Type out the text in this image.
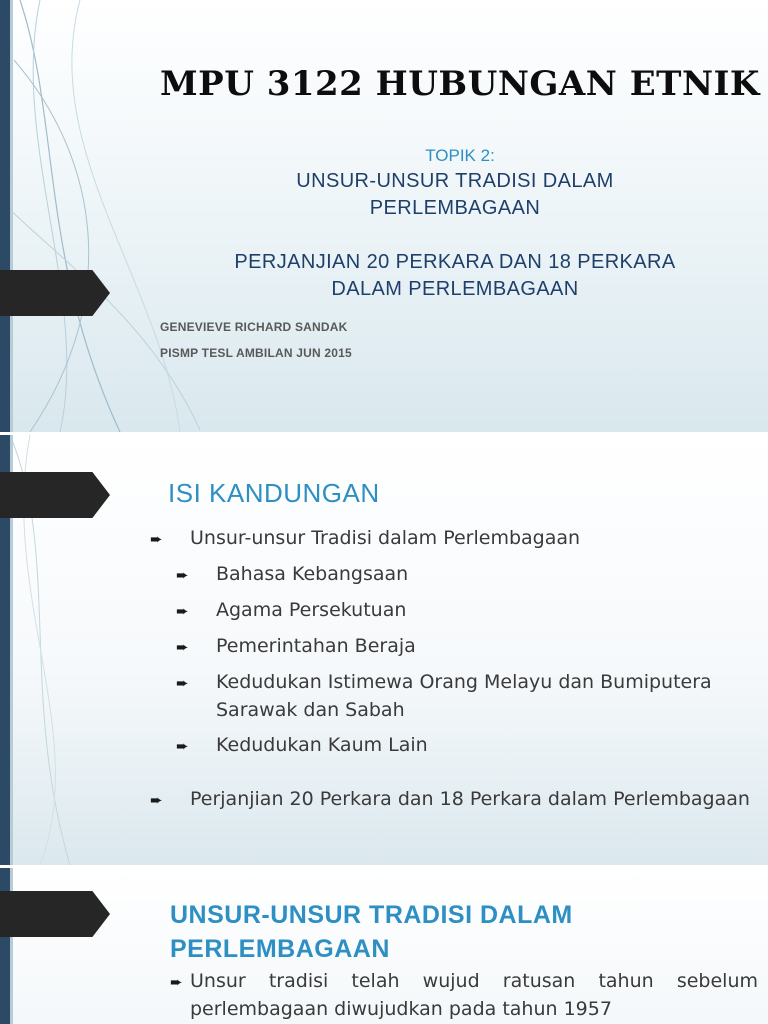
MPU 3122 HUBUNGAN ETNIK
TOPIK 2:
UNSUR-UNSUR TRADISI DALAM
PERLEMBAGAAN
PERJANJIAN 20 PERKARA DAN 18 PERKARA
DALAM PERLEMBAGAAN
GENEVIEVE RICHARD SANDAK
PISMP TESL AMBILAN JUN 2015
ISI KANDUNGAN
➨ Unsur-unsur Tradisi dalam Perlembagaan
➨ Bahasa Kebangsaan
➨ Agama Persekutuan
➨ Pemerintahan Beraja
➨ Kedudukan Istimewa Orang Melayu dan Bumiputera Sarawak dan Sabah
➨ Kedudukan Kaum Lain
➨ Perjanjian 20 Perkara dan 18 Perkara dalam Perlembagaan
UNSUR-UNSUR TRADISI DALAM
PERLEMBAGAAN
➨ Unsur tradisi telah wujud ratusan tahun sebelum perlembagaan diwujudkan pada tahun 1957
